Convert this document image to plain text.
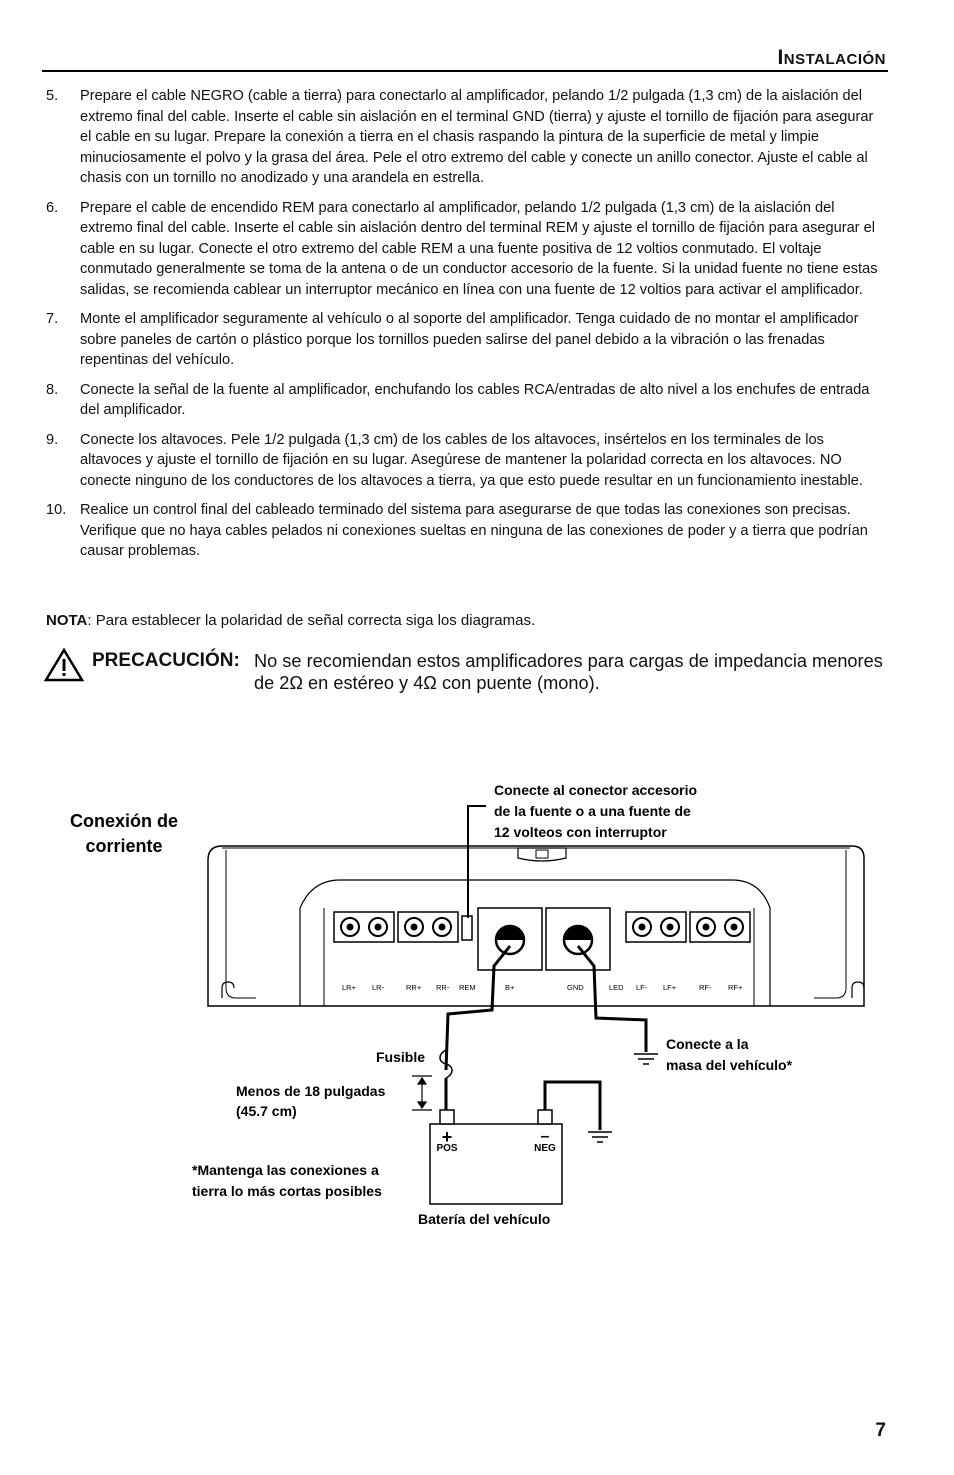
Instalación
5.	Prepare el cable NEGRO (cable a tierra) para conectarlo al amplificador, pelando 1/2 pulgada (1,3 cm) de la aislación del extremo final del cable. Inserte el cable sin aislación en el terminal GND (tierra) y ajuste el tornillo de fijación para asegurar el cable en su lugar. Prepare la conexión a tierra en el chasis raspando la pintura de la superficie de metal y limpie minuciosamente el polvo y la grasa del área. Pele el otro extremo del cable y conecte un anillo conector. Ajuste el cable al chasis con un tornillo no anodizado y una arandela en estrella.
6.	Prepare el cable de encendido REM para conectarlo al amplificador, pelando 1/2 pulgada (1,3 cm) de la aislación del extremo final del cable. Inserte el cable sin aislación dentro del terminal REM y ajuste el tornillo de fijación para asegurar el cable en su lugar. Conecte el otro extremo del cable REM a una fuente positiva de 12 voltios conmutado. El voltaje conmutado generalmente se toma de la antena o de un conductor accesorio de la fuente. Si la unidad fuente no tiene estas salidas, se recomienda cablear un interruptor mecánico en línea con una fuente de 12 voltios para activar el amplificador.
7.	Monte el amplificador seguramente al vehículo o al soporte del amplificador. Tenga cuidado de no montar el amplificador sobre paneles de cartón o plástico porque los tornillos pueden salirse del panel debido a la vibración o las frenadas repentinas del vehículo.
8.	Conecte la señal de la fuente al amplificador, enchufando los cables RCA/entradas de alto nivel a los enchufes de entrada del amplificador.
9.	Conecte los altavoces. Pele 1/2 pulgada (1,3 cm) de los cables de los altavoces, insértelos en los terminales de los altavoces y ajuste el tornillo de fijación en su lugar. Asegúrese de mantener la polaridad correcta en los altavoces. NO conecte ninguno de los conductores de los altavoces a tierra, ya que esto puede resultar en un funcionamiento inestable.
10. Realice un control final del cableado terminado del sistema para asegurarse de que todas las conexiones son precisas. Verifique que no haya cables pelados ni conexiones sueltas en ninguna de las conexiones de poder y a tierra que podrían causar problemas.
NOTA: Para establecer la polaridad de señal correcta siga los diagramas.
PRECACUCIÓN: No se recomiendan estos amplificadores para cargas de impedancia menores de 2Ω en estéreo y 4Ω con puente (mono).
Conexión de
corriente
Conecte al conector accesorio
de la fuente o a una fuente de
12 volteos con interruptor
LR+ LR-	RR+ RR- REM	B+	GND	LED LF- LF+	RF- RF+
Fusible
Menos de 18 pulgadas
(45.7 cm)
Conecte a la
masa del vehículo*
+
POS
–
NEG
*Mantenga las conexiones a
tierra lo más cortas posibles
Batería del vehículo
7
